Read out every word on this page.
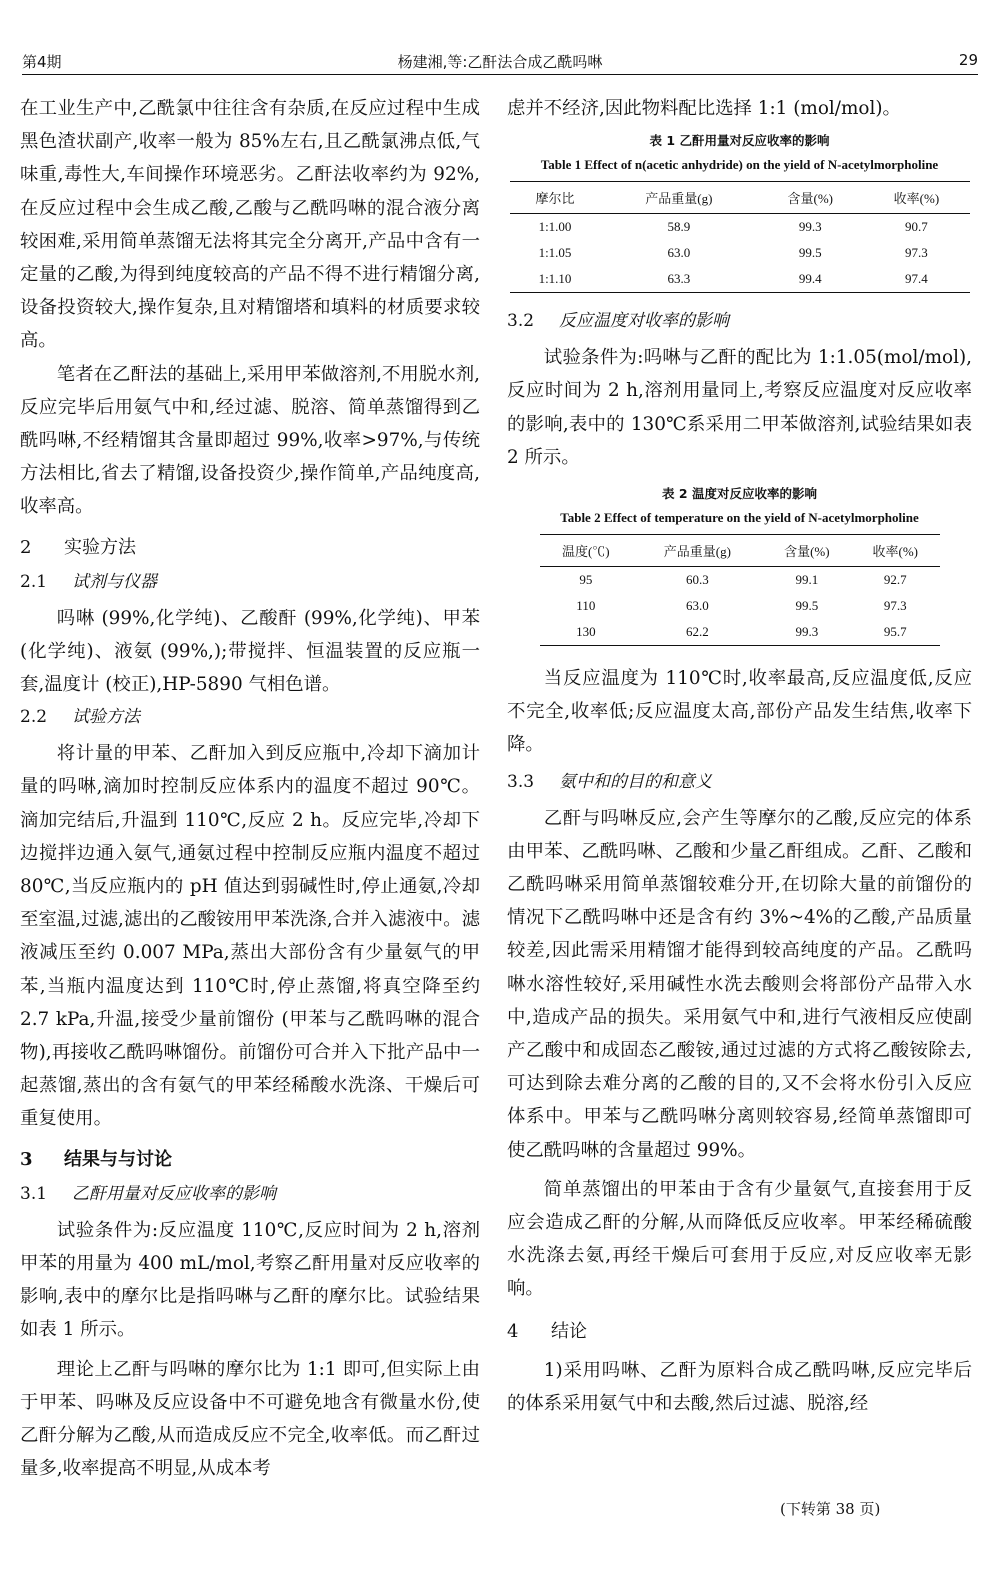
第4期	杨建湘,等:乙酐法合成乙酰吗啉	29

在工业生产中,乙酰氯中往往含有杂质,在反应过程中生成黑色渣状副产,收率一般为 85%左右,且乙酰氯沸点低,气味重,毒性大,车间操作环境恶劣。乙酐法收率约为 92%,在反应过程中会生成乙酸,乙酸与乙酰吗啉的混合液分离较困难,采用简单蒸馏无法将其完全分离开,产品中含有一定量的乙酸,为得到纯度较高的产品不得不进行精馏分离,设备投资较大,操作复杂,且对精馏塔和填料的材质要求较高。

笔者在乙酐法的基础上,采用甲苯做溶剂,不用脱水剂,反应完毕后用氨气中和,经过滤、脱溶、简单蒸馏得到乙酰吗啉,不经精馏其含量即超过 99%,收率>97%,与传统方法相比,省去了精馏,设备投资少,操作简单,产品纯度高,收率高。

2 实验方法
2.1 试剂与仪器

吗啉 (99%,化学纯)、乙酸酐 (99%,化学纯)、甲苯 (化学纯)、液氨 (99%,);带搅拌、恒温装置的反应瓶一套,温度计 (校正),HP-5890 气相色谱。

2.2 试验方法

将计量的甲苯、乙酐加入到反应瓶中,冷却下滴加计量的吗啉,滴加时控制反应体系内的温度不超过 90℃。滴加完结后,升温到 110℃,反应 2 h。反应完毕,冷却下边搅拌边通入氨气,通氨过程中控制反应瓶内温度不超过 80℃,当反应瓶内的 pH 值达到弱碱性时,停止通氨,冷却至室温,过滤,滤出的乙酸铵用甲苯洗涤,合并入滤液中。滤液减压至约 0.007 MPa,蒸出大部份含有少量氨气的甲苯,当瓶内温度达到 110℃时,停止蒸馏,将真空降至约 2.7 kPa,升温,接受少量前馏份 (甲苯与乙酰吗啉的混合物),再接收乙酰吗啉馏份。前馏份可合并入下批产品中一起蒸馏,蒸出的含有氨气的甲苯经稀酸水洗涤、干燥后可重复使用。

3 结果与与讨论
3.1 乙酐用量对反应收率的影响

试验条件为:反应温度 110℃,反应时间为 2 h,溶剂甲苯的用量为 400 mL/mol,考察乙酐用量对反应收率的影响,表中的摩尔比是指吗啉与乙酐的摩尔比。试验结果如表 1 所示。

理论上乙酐与吗啉的摩尔比为 1:1 即可,但实际上由于甲苯、吗啉及反应设备中不可避免地含有微量水份,使乙酐分解为乙酸,从而造成反应不完全,收率低。而乙酐过量多,收率提高不明显,从成本考

虑并不经济,因此物料配比选择 1:1 (mol/mol)。

表 1 乙酐用量对反应收率的影响
Table 1 Effect of n(acetic anhydride) on the yield of N-acetylmorpholine
摩尔比	产品重量(g)	含量(%)	收率(%)
1:1.00	58.9	99.3	90.7
1:1.05	63.0	99.5	97.3
1:1.10	63.3	99.4	97.4
3.2 反应温度对收率的影响

试验条件为:吗啉与乙酐的配比为 1:1.05(mol/mol),反应时间为 2 h,溶剂用量同上,考察反应温度对反应收率的影响,表中的 130℃系采用二甲苯做溶剂,试验结果如表 2 所示。

表 2 温度对反应收率的影响
Table 2 Effect of temperature on the yield of N-acetylmorpholine
温度(℃)	产品重量(g)	含量(%)	收率(%)
95	60.3	99.1	92.7
110	63.0	99.5	97.3
130	62.2	99.3	95.7

当反应温度为 110℃时,收率最高,反应温度低,反应不完全,收率低;反应温度太高,部份产品发生结焦,收率下降。

3.3 氨中和的目的和意义

乙酐与吗啉反应,会产生等摩尔的乙酸,反应完的体系由甲苯、乙酰吗啉、乙酸和少量乙酐组成。乙酐、乙酸和乙酰吗啉采用简单蒸馏较难分开,在切除大量的前馏份的情况下乙酰吗啉中还是含有约 3%~4%的乙酸,产品质量较差,因此需采用精馏才能得到较高纯度的产品。乙酰吗啉水溶性较好,采用碱性水洗去酸则会将部份产品带入水中,造成产品的损失。采用氨气中和,进行气液相反应使副产乙酸中和成固态乙酸铵,通过过滤的方式将乙酸铵除去,可达到除去难分离的乙酸的目的,又不会将水份引入反应体系中。甲苯与乙酰吗啉分离则较容易,经简单蒸馏即可使乙酰吗啉的含量超过 99%。

简单蒸馏出的甲苯由于含有少量氨气,直接套用于反应会造成乙酐的分解,从而降低反应收率。甲苯经稀硫酸水洗涤去氨,再经干燥后可套用于反应,对反应收率无影响。

4 结论

1)采用吗啉、乙酐为原料合成乙酰吗啉,反应完毕后的体系采用氨气中和去酸,然后过滤、脱溶,经

(下转第 38 页)
